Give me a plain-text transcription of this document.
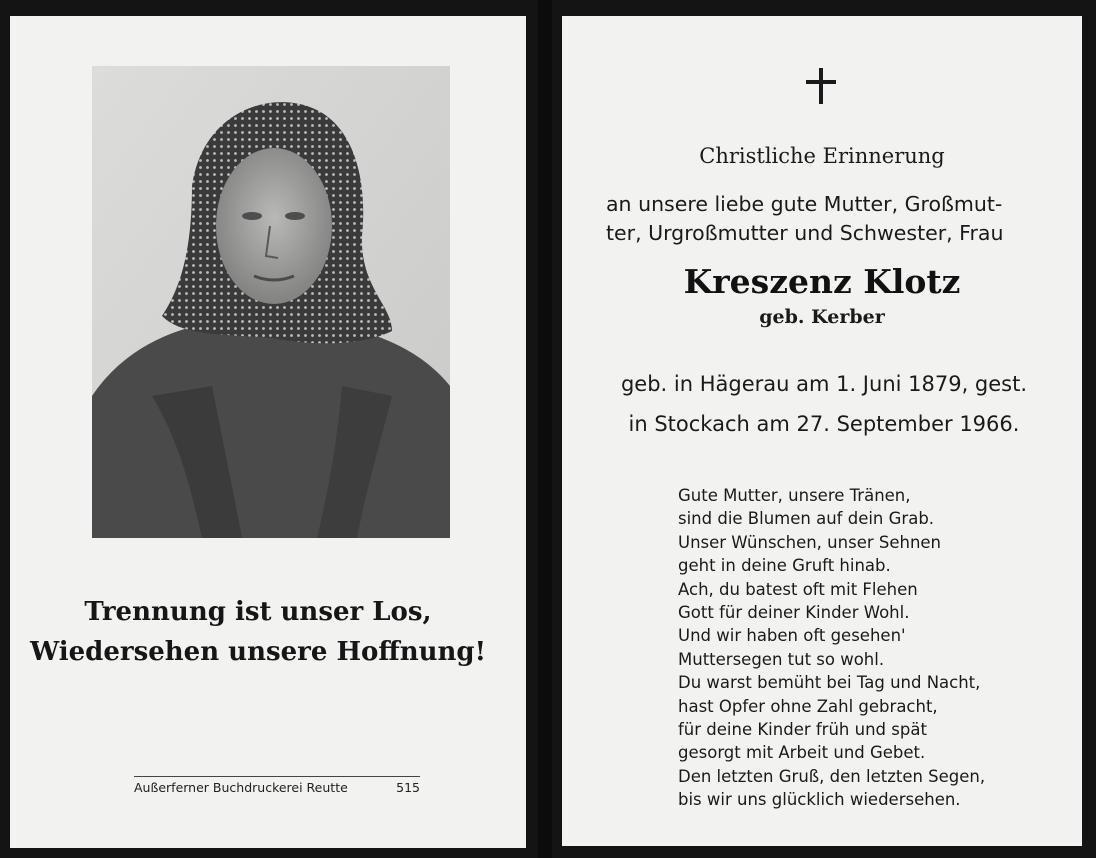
Trennung ist unser Los,
Wiedersehen unsere Hoffnung!
Außerferner Buchdruckerei Reutte	515
Christliche Erinnerung
an unsere liebe gute Mutter, Großmut-
ter, Urgroßmutter und Schwester, Frau
Kreszenz Klotz
geb. Kerber
geb. in Hägerau am 1. Juni 1879, gest.
in Stockach am 27. September 1966.
Gute Mutter, unsere Tränen,
sind die Blumen auf dein Grab.
Unser Wünschen, unser Sehnen
geht in deine Gruft hinab.
Ach, du batest oft mit Flehen
Gott für deiner Kinder Wohl.
Und wir haben oft gesehen'
Muttersegen tut so wohl.
Du warst bemüht bei Tag und Nacht,
hast Opfer ohne Zahl gebracht,
für deine Kinder früh und spät
gesorgt mit Arbeit und Gebet.
Den letzten Gruß, den letzten Segen,
bis wir uns glücklich wiedersehen.
